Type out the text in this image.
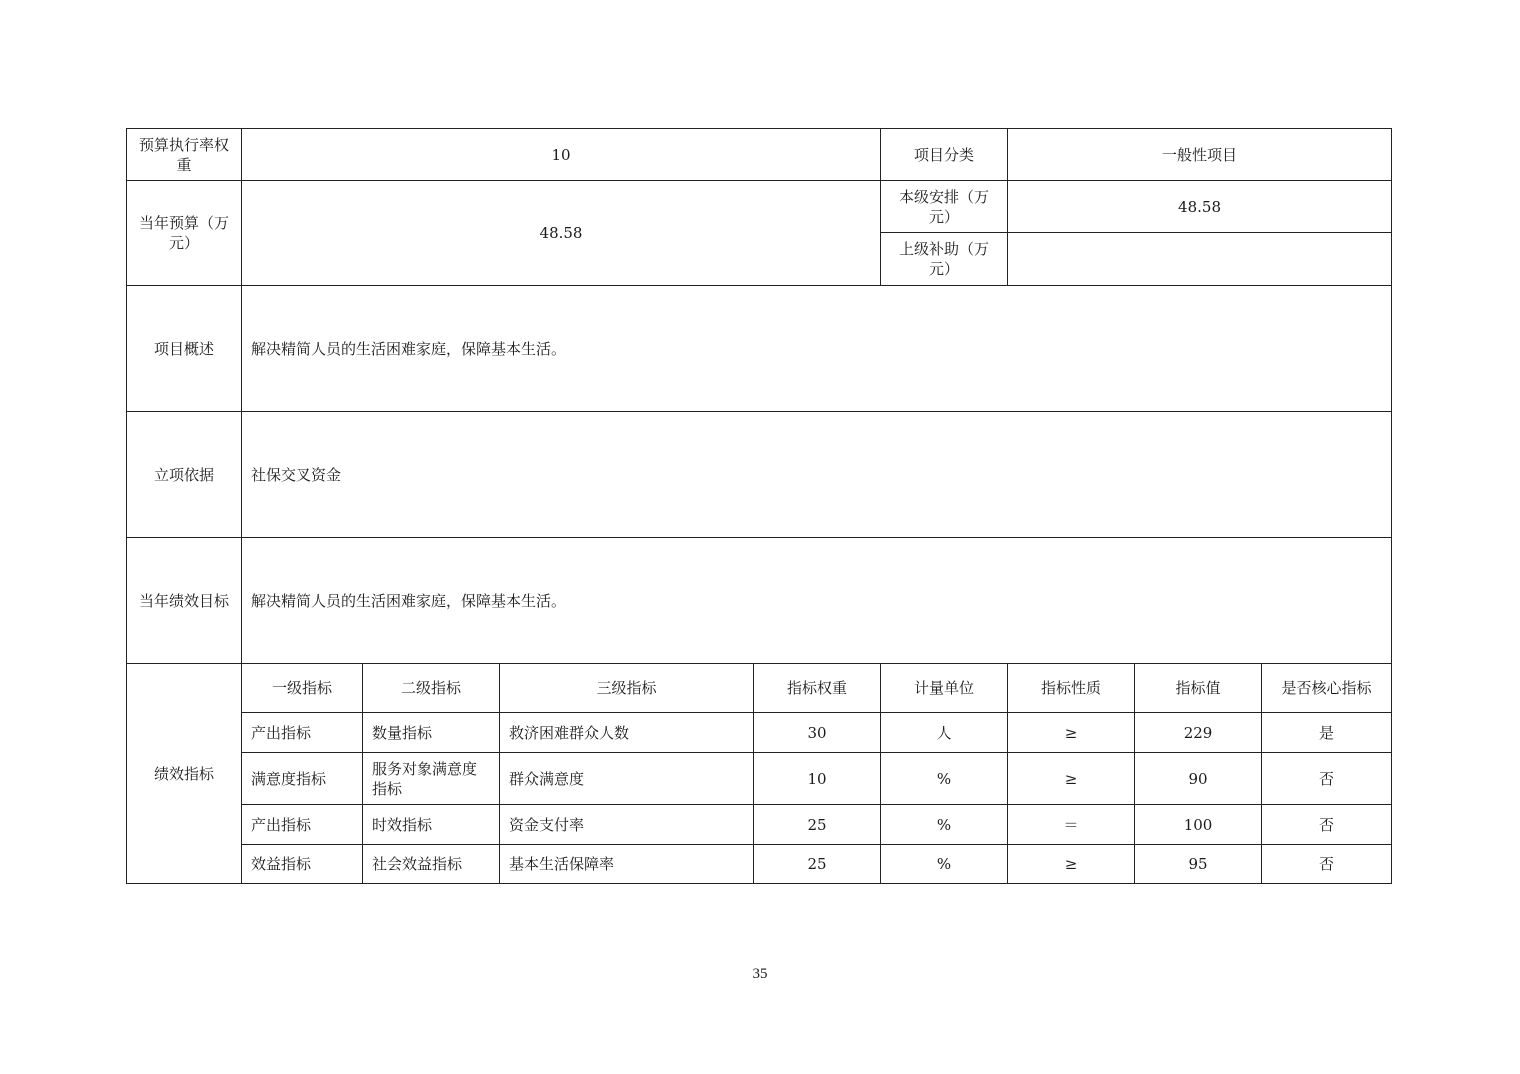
预算执行率权重	10				项目分类	一般性项目		
当年预算（万元）	48.58				本级安排（万元）	48.58		
					上级补助（万元）			
项目概述	解决精简人员的生活困难家庭，保障基本生活。							
立项依据	社保交叉资金							
当年绩效目标	解决精简人员的生活困难家庭，保障基本生活。							
绩效指标	一级指标	二级指标	三级指标	指标权重	计量单位	指标性质	指标值	是否核心指标
	产出指标	数量指标	救济困难群众人数	30	人	≥	229	是
	满意度指标	服务对象满意度指标	群众满意度	10	%	≥	90	否
	产出指标	时效指标	资金支付率	25	%	＝	100	否
	效益指标	社会效益指标	基本生活保障率	25	%	≥	95	否
35
